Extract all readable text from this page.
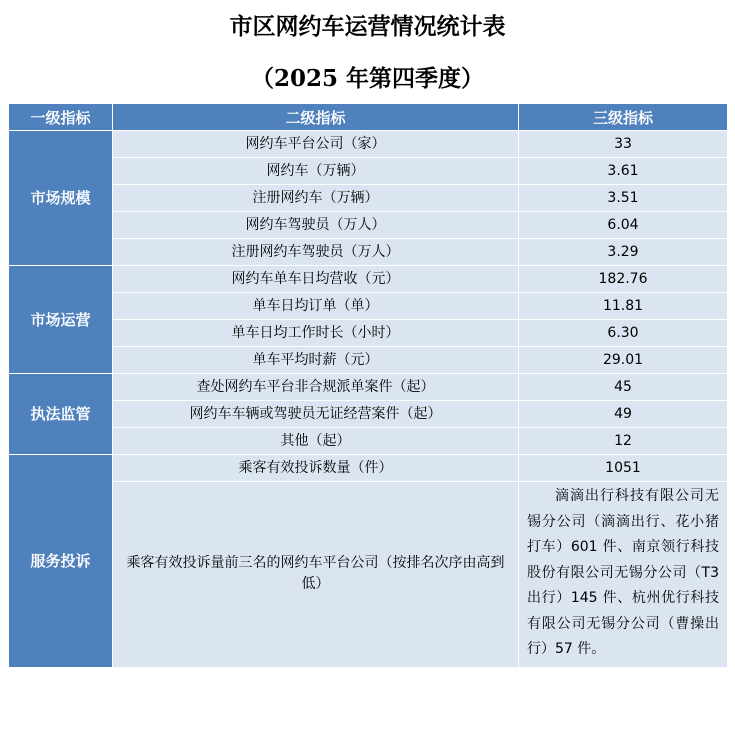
市区网约车运营情况统计表
（2025 年第四季度）
一级指标	二级指标	三级指标
市场规模	网约车平台公司（家）	33
	网约车（万辆）	3.61
	注册网约车（万辆）	3.51
	网约车驾驶员（万人）	6.04
	注册网约车驾驶员（万人）	3.29
市场运营	网约车单车日均营收（元）	182.76
	单车日均订单（单）	11.81
	单车日均工作时长（小时）	6.30
	单车平均时薪（元）	29.01
执法监管	查处网约车平台非合规派单案件（起）	45
	网约车车辆或驾驶员无证经营案件（起）	49
	其他（起）	12
服务投诉	乘客有效投诉数量（件）	1051
	乘客有效投诉量前三名的网约车平台公司（按排名次序由高到低）	滴滴出行科技有限公司无锡分公司（滴滴出行、花小猪打车）601 件、南京领行科技股份有限公司无锡分公司（T3 出行）145 件、杭州优行科技有限公司无锡分公司（曹操出行）57 件。
